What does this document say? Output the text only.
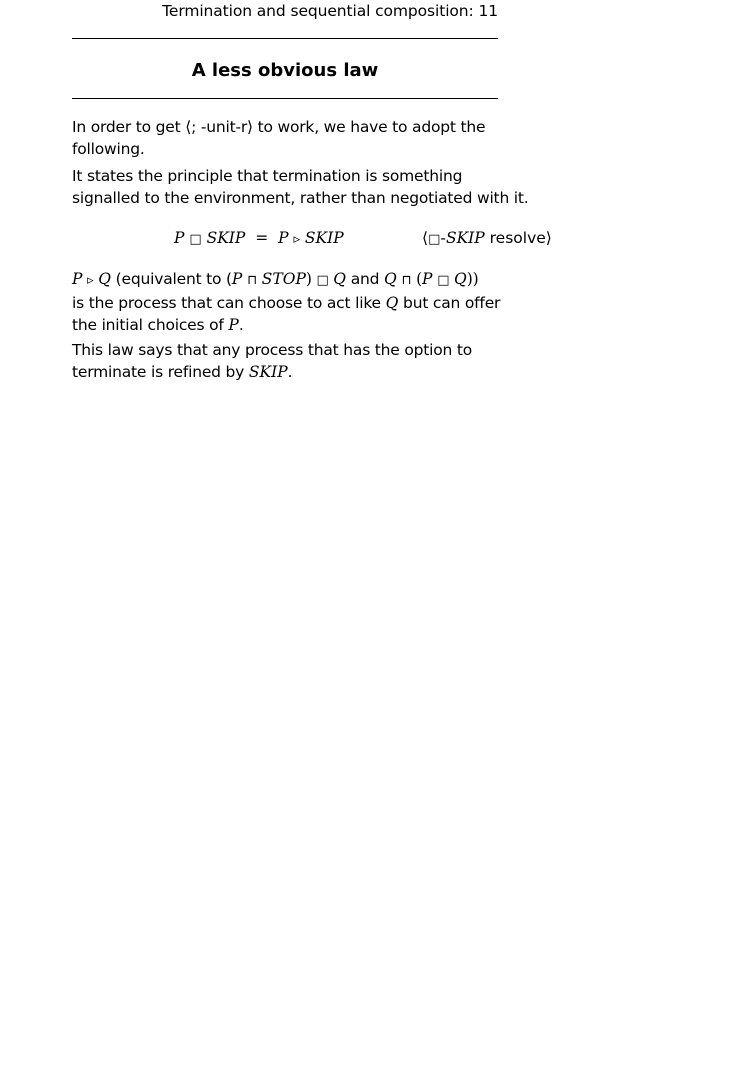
Termination and sequential composition: 11
A less obvious law

In order to get ⟨; -unit-r⟩ to work, we have to adopt the
following.

It states the principle that termination is something
signalled to the environment, rather than negotiated with it.

P □ SKIP = P ▹ SKIP	⟨□-SKIP resolve⟩

P ▹ Q (equivalent to (P ⊓ STOP) □ Q and Q ⊓ (P □ Q))
is the process that can choose to act like Q but can offer
the initial choices of P.

This law says that any process that has the option to
terminate is refined by SKIP.
